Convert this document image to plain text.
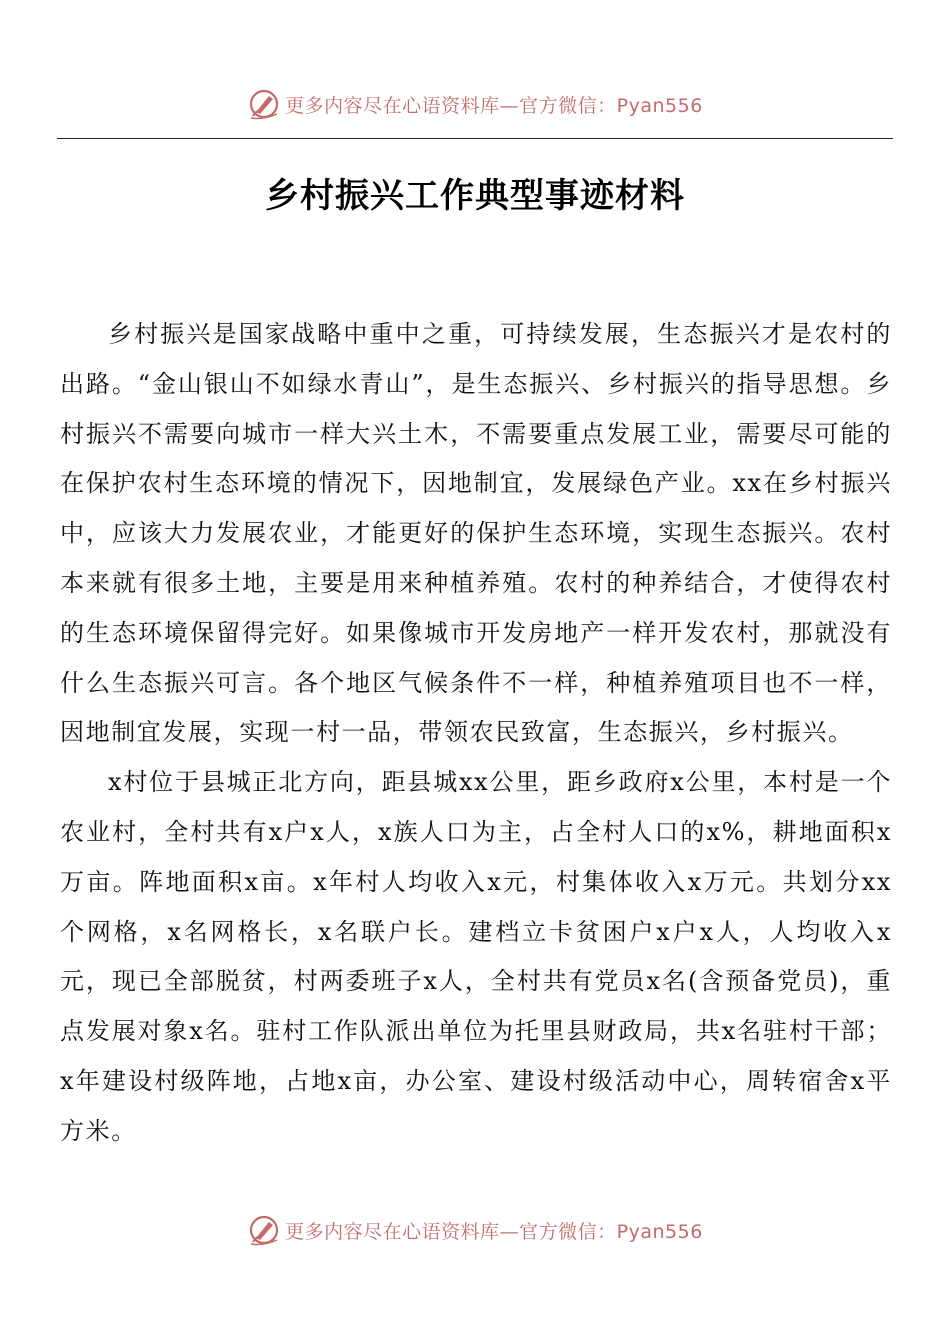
更多内容尽在心语资料库—官方微信：Pyan556
乡村振兴工作典型事迹材料

乡村振兴是国家战略中重中之重，可持续发展，生态振兴才是农村的出路。“金山银山不如绿水青山”，是生态振兴、乡村振兴的指导思想。乡村振兴不需要向城市一样大兴土木，不需要重点发展工业，需要尽可能的在保护农村生态环境的情况下，因地制宜，发展绿色产业。xx在乡村振兴中，应该大力发展农业，才能更好的保护生态环境，实现生态振兴。农村本来就有很多土地，主要是用来种植养殖。农村的种养结合，才使得农村的生态环境保留得完好。如果像城市开发房地产一样开发农村，那就没有什么生态振兴可言。各个地区气候条件不一样，种植养殖项目也不一样，因地制宜发展，实现一村一品，带领农民致富，生态振兴，乡村振兴。

x村位于县城正北方向，距县城xx公里，距乡政府x公里，本村是一个农业村，全村共有x户x人，x族人口为主，占全村人口的x%，耕地面积x万亩。阵地面积x亩。x年村人均收入x元，村集体收入x万元。共划分xx个网格，x名网格长，x名联户长。建档立卡贫困户x户x人，人均收入x元，现已全部脱贫，村两委班子x人，全村共有党员x名(含预备党员)，重点发展对象x名。驻村工作队派出单位为托里县财政局，共x名驻村干部；x年建设村级阵地，占地x亩，办公室、建设村级活动中心，周转宿舍x平方米。

更多内容尽在心语资料库—官方微信：Pyan556
